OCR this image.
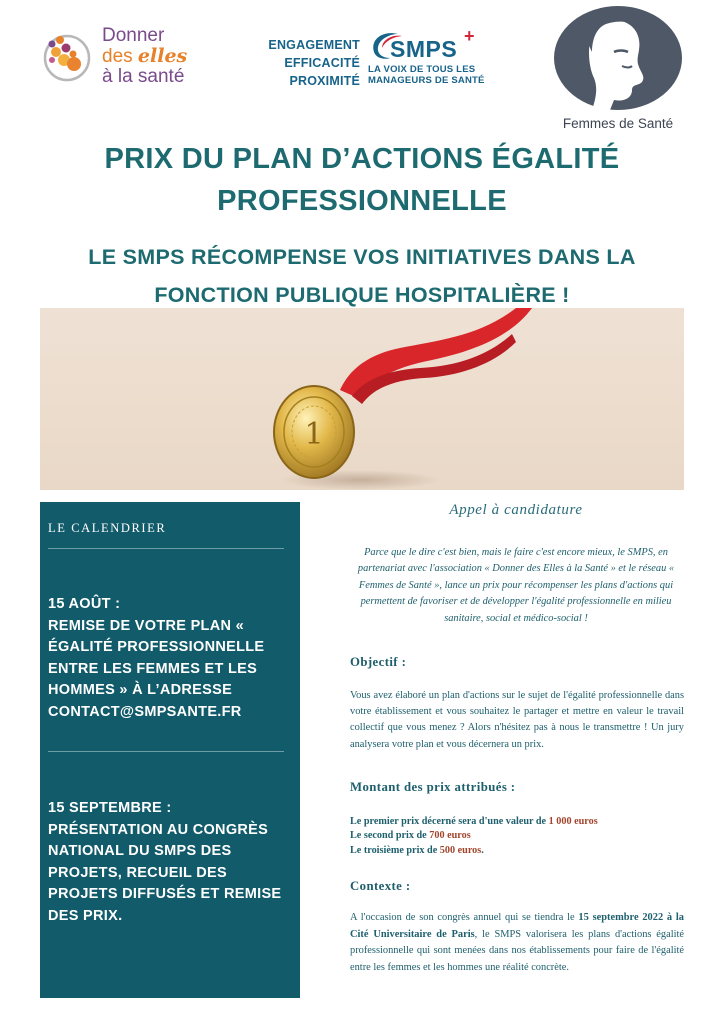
Donner
des elles
à la santé
ENGAGEMENT
EFFICACITÉ
PROXIMITÉ
SMPS +
LA VOIX DE TOUS LES
MANAGEURS DE SANTÉ
Femmes de Santé
PRIX DU PLAN D’ACTIONS ÉGALITÉ
PROFESSIONNELLE
LE SMPS RÉCOMPENSE VOS INITIATIVES DANS LA
FONCTION PUBLIQUE HOSPITALIÈRE !
1
LE CALENDRIER
15 AOÛT :
REMISE DE VOTRE PLAN «
ÉGALITÉ PROFESSIONNELLE
ENTRE LES FEMMES ET LES
HOMMES » À L’ADRESSE
CONTACT@SMPSANTE.FR
15 SEPTEMBRE :
PRÉSENTATION AU CONGRÈS
NATIONAL DU SMPS DES
PROJETS, RECUEIL DES
PROJETS DIFFUSÉS ET REMISE
DES PRIX.
Appel à candidature
Parce que le dire c'est bien, mais le faire c'est encore mieux, le SMPS, en partenariat avec l'association « Donner des Elles à la Santé » et le réseau « Femmes de Santé », lance un prix pour récompenser les plans d'actions qui permettent de favoriser et de développer l'égalité professionnelle en milieu sanitaire, social et médico-social !
Objectif :
Vous avez élaboré un plan d'actions sur le sujet de l'égalité professionnelle dans votre établissement et vous souhaitez le partager et mettre en valeur le travail collectif que vous menez ? Alors n'hésitez pas à nous le transmettre ! Un jury analysera votre plan et vous décernera un prix.
Montant des prix attribués :
Le premier prix décerné sera d'une valeur de 1 000 euros
Le second prix de 700 euros
Le troisième prix de 500 euros.
Contexte :
A l'occasion de son congrès annuel qui se tiendra le 15 septembre 2022 à la Cité Universitaire de Paris, le SMPS valorisera les plans d'actions égalité professionnelle qui sont menées dans nos établissements pour faire de l'égalité entre les femmes et les hommes une réalité concrète.
